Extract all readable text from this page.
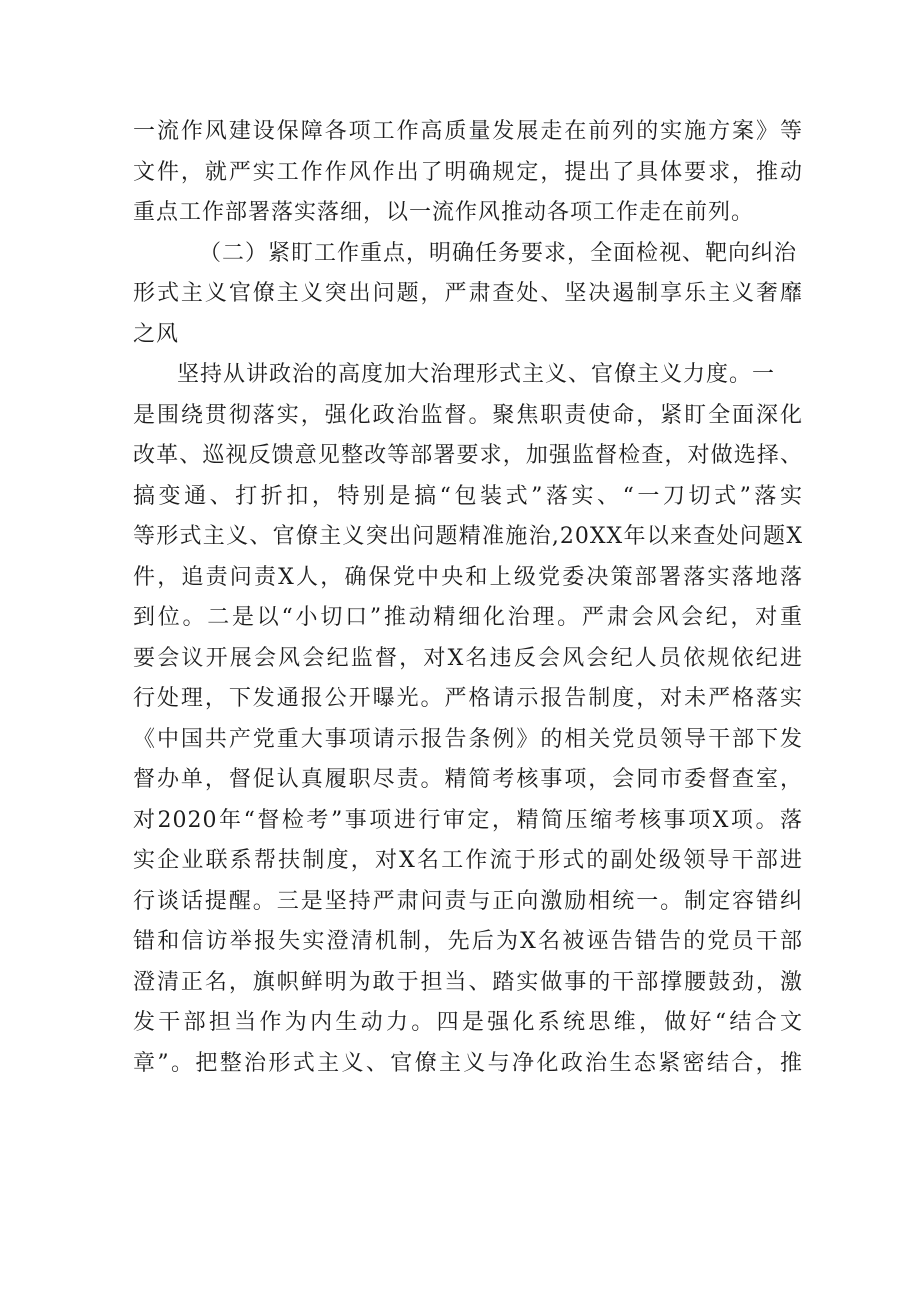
一流作风建设保障各项工作高质量发展走在前列的实施方案》等
文件，就严实工作作风作出了明确规定，提出了具体要求，推动
重点工作部署落实落细，以一流作风推动各项工作走在前列。
（二）紧盯工作重点，明确任务要求，全面检视、靶向纠治
形式主义官僚主义突出问题，严肃查处、坚决遏制享乐主义奢靡
之风
坚持从讲政治的高度加大治理形式主义、官僚主义力度。一
是围绕贯彻落实，强化政治监督。聚焦职责使命，紧盯全面深化
改革、巡视反馈意见整改等部署要求，加强监督检查，对做选择、
搞变通、打折扣，特别是搞“包装式”落实、“一刀切式”落实
等形式主义、官僚主义突出问题精准施治,20XX年以来查处问题X
件，追责问责X人，确保党中央和上级党委决策部署落实落地落
到位。二是以“小切口”推动精细化治理。严肃会风会纪，对重
要会议开展会风会纪监督，对X名违反会风会纪人员依规依纪进
行处理，下发通报公开曝光。严格请示报告制度，对未严格落实
《中国共产党重大事项请示报告条例》的相关党员领导干部下发
督办单，督促认真履职尽责。精简考核事项，会同市委督查室，
对2020年“督检考”事项进行审定，精简压缩考核事项X项。落
实企业联系帮扶制度，对X名工作流于形式的副处级领导干部进
行谈话提醒。三是坚持严肃问责与正向激励相统一。制定容错纠
错和信访举报失实澄清机制，先后为X名被诬告错告的党员干部
澄清正名，旗帜鲜明为敢于担当、踏实做事的干部撑腰鼓劲，激
发干部担当作为内生动力。四是强化系统思维，做好“结合文
章”。把整治形式主义、官僚主义与净化政治生态紧密结合，推
